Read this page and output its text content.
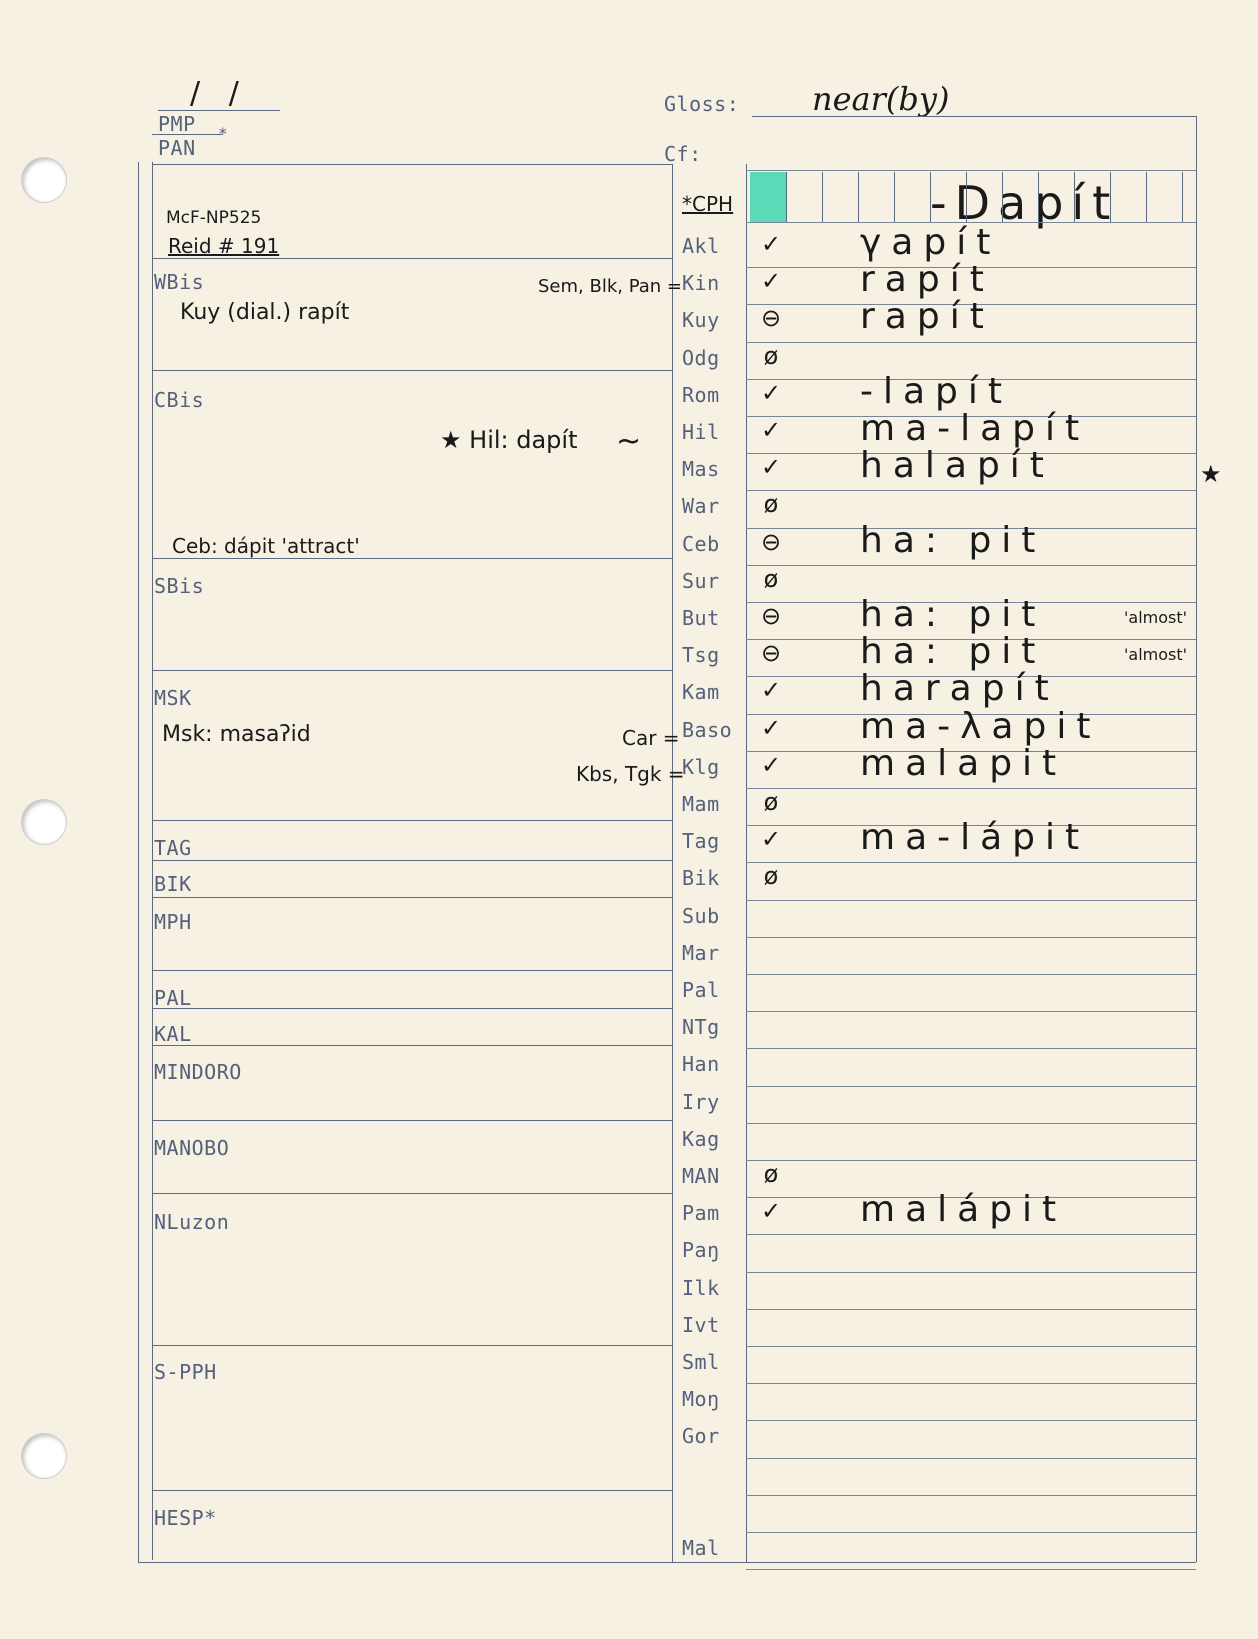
/   /
PMP *
PAN
Gloss: near(by)
Cf:
WBis
CBis
SBis
MSK
TAG
BIK
MPH
PAL
KAL
MINDORO
MANOBO
NLuzon
S-PPH
HESP*
McF-NP525
Reid # 191
Kuy (dial.) rapít
Sem, Blk, Pan =
★ Hil: dapít ~
Ceb: dápit 'attract'
Msk: masaʔid	Car =
Kbs, Tgk =
★
*CPH	-Dapít
Akl	✓ γapít
Kin	✓ rapít
Kuy	⊖ rapít
Odg	ø
Rom	✓ -lapít
Hil	✓ ma-lapít
Mas	✓ halapít
War	ø
Ceb	⊖ ha: pit
Sur	ø
But	⊖ ha: pit	'almost'
Tsg	⊖ ha: pit	'almost'
Kam	✓ harapít
Baso	✓ ma-λapit
Klg	✓ malapit
Mam	ø
Tag	✓ ma-lápit
Bik	ø
Sub
Mar
Pal
NTg
Han
Iry
Kag
MAN	ø
Pam	✓ malápit
Paŋ
Ilk
Ivt
Sml
Moŋ
Gor
Mal
